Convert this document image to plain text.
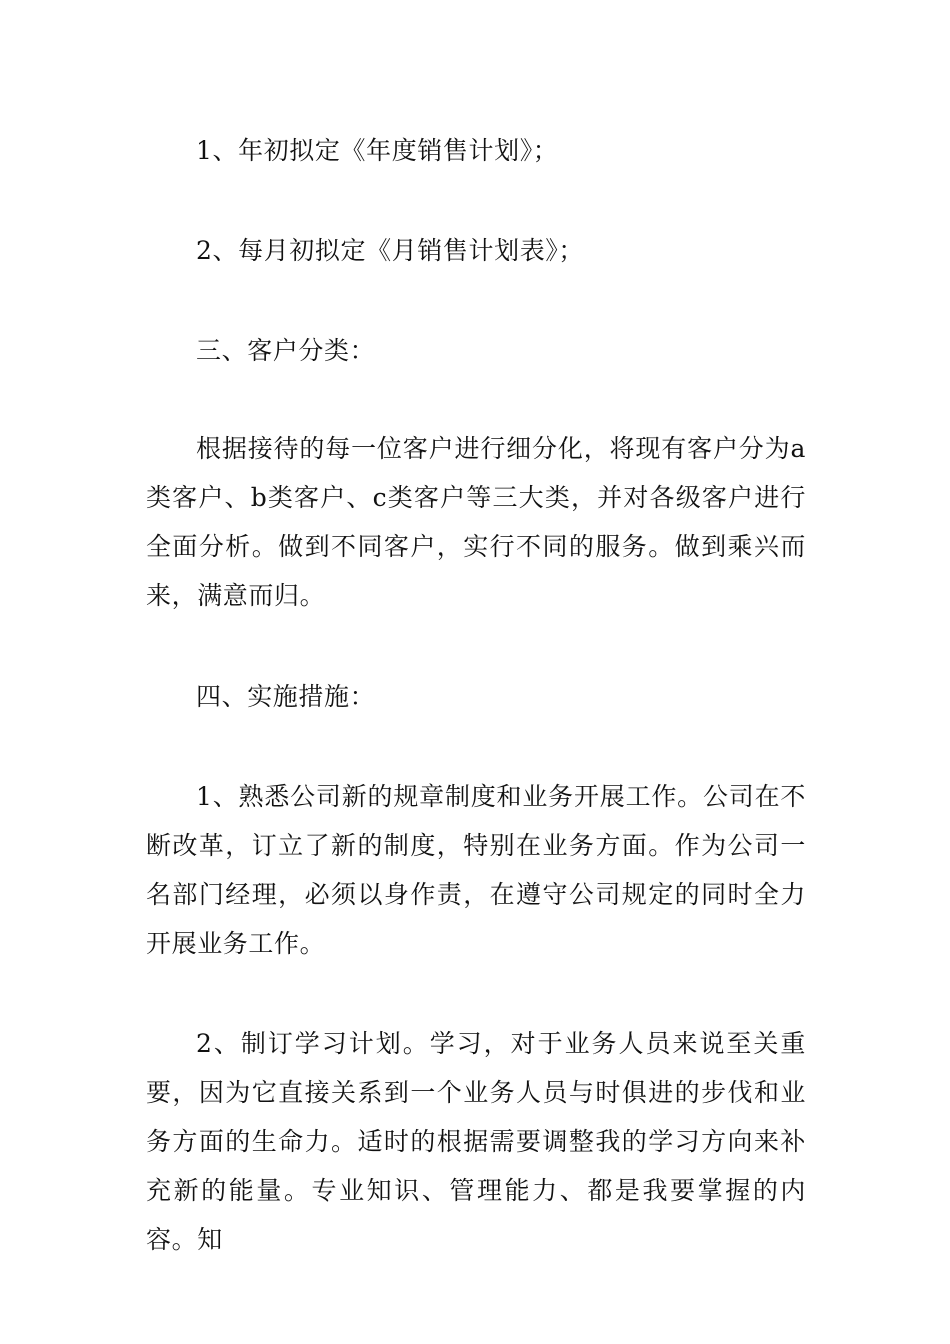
1、年初拟定《年度销售计划》；

2、每月初拟定《月销售计划表》；

三、客户分类：

根据接待的每一位客户进行细分化，将现有客户分为a类客户、b类客户、c类客户等三大类，并对各级客户进行全面分析。做到不同客户，实行不同的服务。做到乘兴而来，满意而归。

四、实施措施：

1、熟悉公司新的规章制度和业务开展工作。公司在不断改革，订立了新的制度，特别在业务方面。作为公司一名部门经理，必须以身作责，在遵守公司规定的同时全力开展业务工作。

2、制订学习计划。学习，对于业务人员来说至关重要，因为它直接关系到一个业务人员与时俱进的步伐和业务方面的生命力。适时的根据需要调整我的学习方向来补充新的能量。专业知识、管理能力、都是我要掌握的内容。知
